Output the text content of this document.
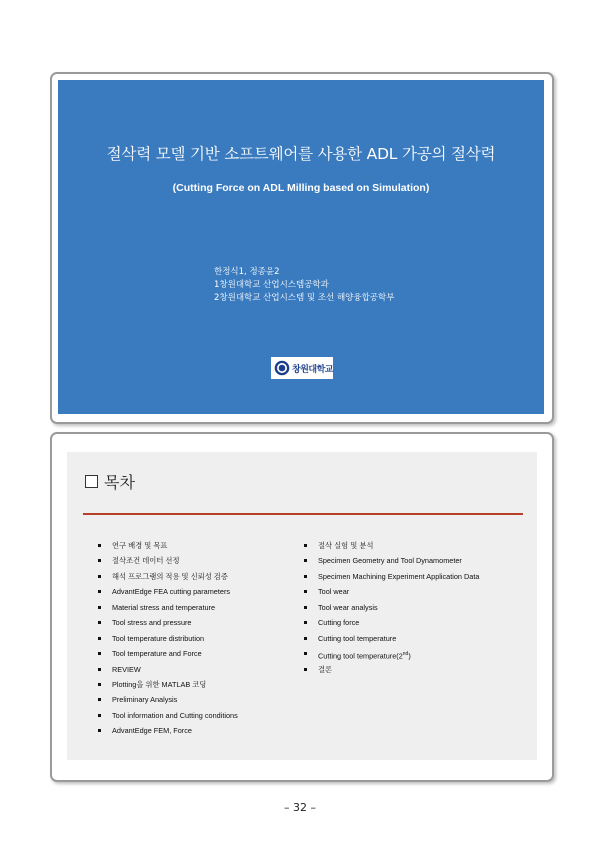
절삭력 모델 기반 소프트웨어를 사용한 ADL 가공의 절삭력
(Cutting Force on ADL Milling based on Simulation)
한정식1, 정종윤2
1창원대학교 산업시스템공학과
2창원대학교 산업시스템 및 조선 해양융합공학부
창원대학교
목차
연구 배경 및 목표
절삭조건 데이터 선정
해석 프로그램의 적용 및 신뢰성 검증
AdvantEdge FEA cutting parameters
Material stress and temperature
Tool stress and pressure
Tool temperature distribution
Tool temperature and Force
REVIEW
Plotting을 위한 MATLAB 코딩
Preliminary Analysis
Tool information and Cutting conditions
AdvantEdge FEM, Force
절삭 실험 및 분석
Specimen Geometry and Tool Dynamometer
Specimen Machining Experiment Application Data
Tool wear
Tool wear analysis
Cutting force
Cutting tool temperature
Cutting tool temperature(2nd)
결론
– 32 –
